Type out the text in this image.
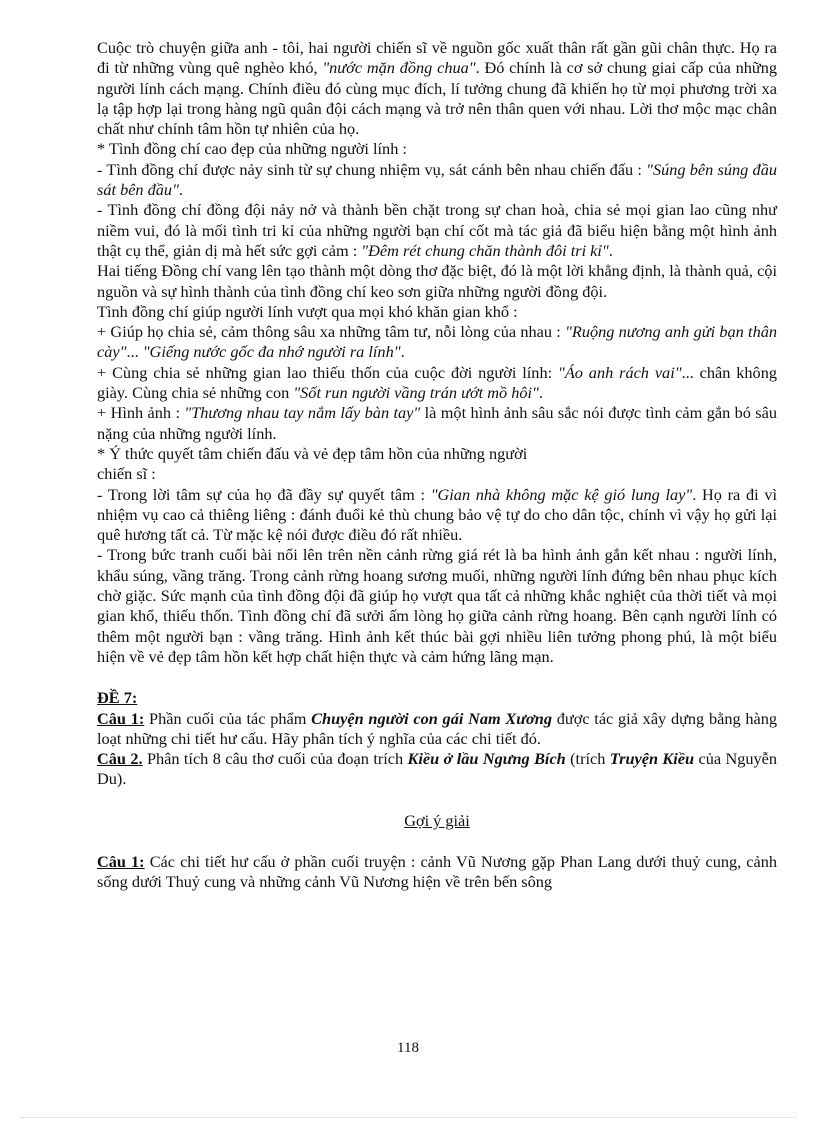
Cuộc trò chuyện giữa anh - tôi, hai người chiến sĩ về nguồn gốc xuất thân rất gần gũi chân thực. Họ ra đi từ những vùng quê nghèo khó, "nước mặn đồng chua". Đó chính là cơ sở chung giai cấp của những người lính cách mạng. Chính điều đó cùng mục đích, lí tưởng chung đã khiến họ từ mọi phương trời xa lạ tập hợp lại trong hàng ngũ quân đội cách mạng và trở nên thân quen với nhau. Lời thơ mộc mạc chân chất như chính tâm hồn tự nhiên của họ.

* Tình đồng chí cao đẹp của những người lính :

- Tình đồng chí được nảy sinh từ sự chung nhiệm vụ, sát cánh bên nhau chiến đấu : "Súng bên súng đầu sát bên đầu".

- Tình đồng chí đồng đội nảy nở và thành bền chặt trong sự chan hoà, chia sẻ mọi gian lao cũng như niềm vui, đó là mối tình tri kỉ của những người bạn chí cốt mà tác giả đã biểu hiện bằng một hình ảnh thật cụ thể, giản dị mà hết sức gợi cảm : "Đêm rét chung chăn thành đôi tri kỉ".

Hai tiếng Đồng chí vang lên tạo thành một dòng thơ đặc biệt, đó là một lời khẳng định, là thành quả, cội nguồn và sự hình thành của tình đồng chí keo sơn giữa những người đồng đội.

Tình đồng chí giúp người lính vượt qua mọi khó khăn gian khổ :

+ Giúp họ chia sẻ, cảm thông sâu xa những tâm tư, nỗi lòng của nhau : "Ruộng nương anh gửi bạn thân cày"... "Giếng nước gốc đa nhớ người ra lính".

+ Cùng chia sẻ những gian lao thiếu thốn của cuộc đời người lính: "Áo anh rách vai"... chân không giày. Cùng chia sẻ những con "Sốt run người vầng trán ướt mồ hôi".

+ Hình ảnh : "Thương nhau tay nắm lấy bàn tay" là một hình ảnh sâu sắc nói được tình cảm gắn bó sâu nặng của những người lính.

* Ý thức quyết tâm chiến đấu và vẻ đẹp tâm hồn của những người

chiến sĩ :

- Trong lời tâm sự của họ đã đầy sự quyết tâm : "Gian nhà không mặc kệ gió lung lay". Họ ra đi vì nhiệm vụ cao cả thiêng liêng : đánh đuổi kẻ thù chung bảo vệ tự do cho dân tộc, chính vì vậy họ gửi lại quê hương tất cả. Từ mặc kệ nói được điều đó rất nhiều.

- Trong bức tranh cuối bài nổi lên trên nền cảnh rừng giá rét là ba hình ảnh gắn kết nhau : người lính, khẩu súng, vầng trăng. Trong cảnh rừng hoang sương muối, những người lính đứng bên nhau phục kích chờ giặc. Sức mạnh của tình đồng đội đã giúp họ vượt qua tất cả những khắc nghiệt của thời tiết và mọi gian khổ, thiếu thốn. Tình đồng chí đã sưởi ấm lòng họ giữa cảnh rừng hoang. Bên cạnh người lính có thêm một người bạn : vầng trăng. Hình ảnh kết thúc bài gợi nhiều liên tưởng phong phú, là một biểu hiện về vẻ đẹp tâm hồn kết hợp chất hiện thực và cảm hứng lãng mạn.

ĐỀ 7:

Câu 1: Phần cuối của tác phẩm Chuyện người con gái Nam Xương được tác giả xây dựng bằng hàng loạt những chi tiết hư cấu. Hãy phân tích ý nghĩa của các chi tiết đó.

Câu 2. Phân tích 8 câu thơ cuối của đoạn trích Kiều ở lầu Ngưng Bích (trích Truyện Kiều của Nguyễn Du).

Gợi ý giải

Câu 1: Các chi tiết hư cấu ở phần cuối truyện : cảnh Vũ Nương gặp Phan Lang dưới thuỷ cung, cảnh sống dưới Thuỷ cung và những cảnh Vũ Nương hiện về trên bến sông

118
